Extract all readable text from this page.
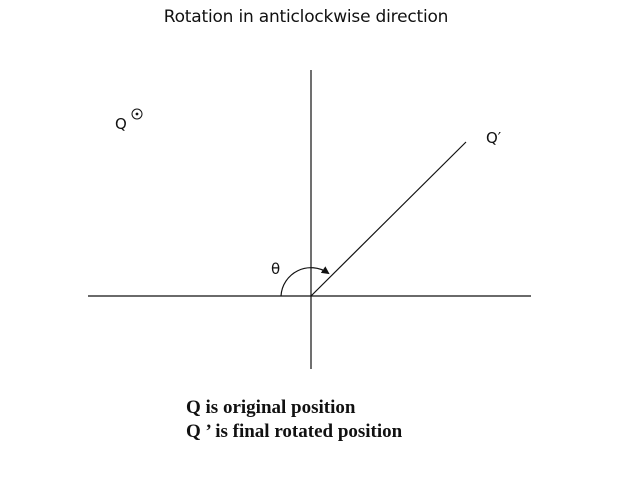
Rotation in anticlockwise direction
Q
Q′
θ
Q is original position
Q ’ is final rotated position
